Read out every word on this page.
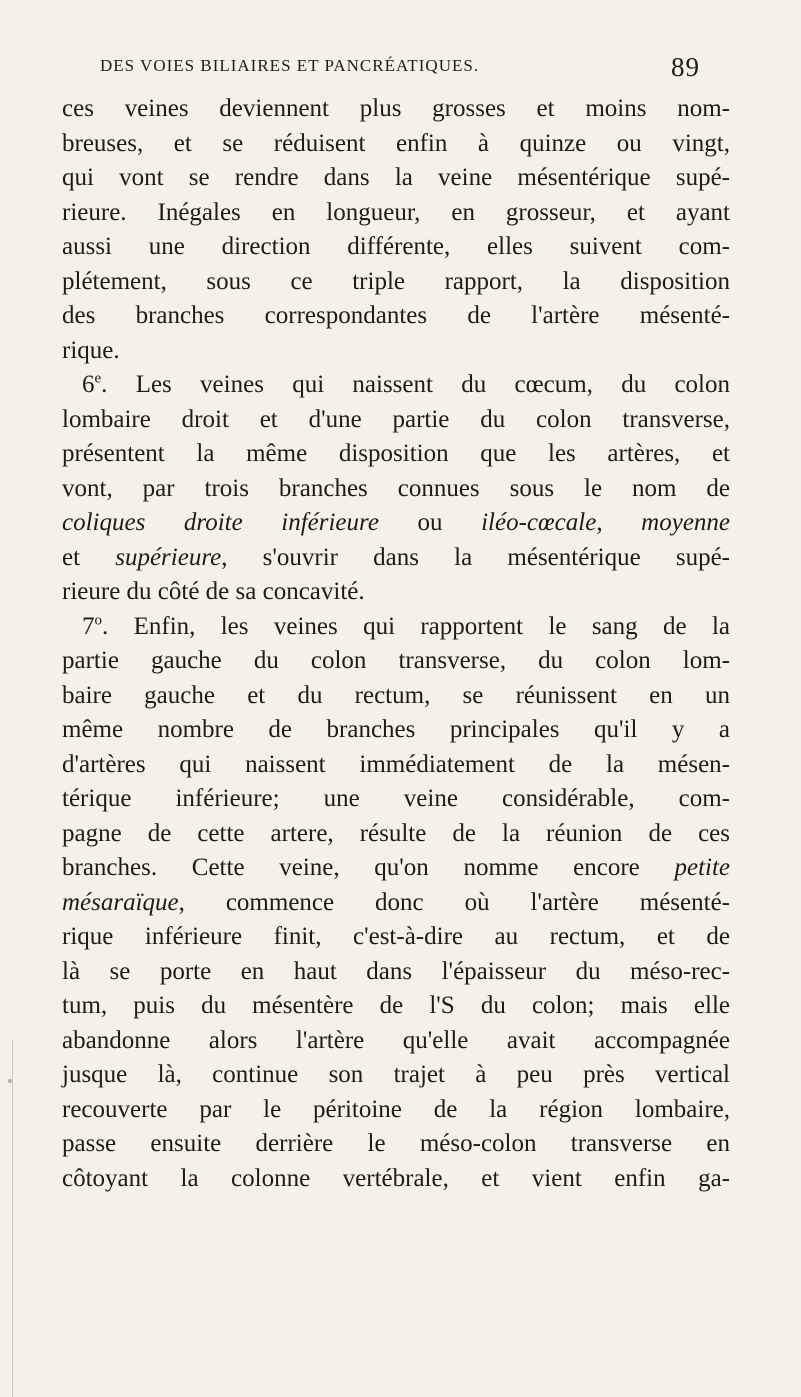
DES VOIES BILIAIRES ET PANCRÉATIQUES.	89
ces veines deviennent plus grosses et moins nom-
breuses, et se réduisent enfin à quinze ou vingt,
qui vont se rendre dans la veine mésentérique supé-
rieure. Inégales en longueur, en grosseur, et ayant
aussi une direction différente, elles suivent com-
plétement, sous ce triple rapport, la disposition
des branches correspondantes de l'artère mésenté-
rique.
6e. Les veines qui naissent du cœcum, du colon
lombaire droit et d'une partie du colon transverse,
présentent la même disposition que les artères, et
vont, par trois branches connues sous le nom de
coliques droite inférieure ou iléo-cœcale, moyenne
et supérieure, s'ouvrir dans la mésentérique supé-
rieure du côté de sa concavité.
7$^o$. Enfin, les veines qui rapportent le sang de la
partie gauche du colon transverse, du colon lom-
baire gauche et du rectum, se réunissent en un
même nombre de branches principales qu'il y a
d'artères qui naissent immédiatement de la mésen-
térique inférieure; une veine considérable, com-
pagne de cette artere, résulte de la réunion de ces
branches. Cette veine, qu'on nomme encore petite
mésaraïque, commence donc où l'artère mésenté-
rique inférieure finit, c'est-à-dire au rectum, et de
là se porte en haut dans l'épaisseur du méso-rec-
tum, puis du mésentère de l'S du colon; mais elle
abandonne alors l'artère qu'elle avait accompagnée
jusque là, continue son trajet à peu près vertical
recouverte par le péritoine de la région lombaire,
passe ensuite derrière le méso-colon transverse en
côtoyant la colonne vertébrale, et vient enfin ga-
